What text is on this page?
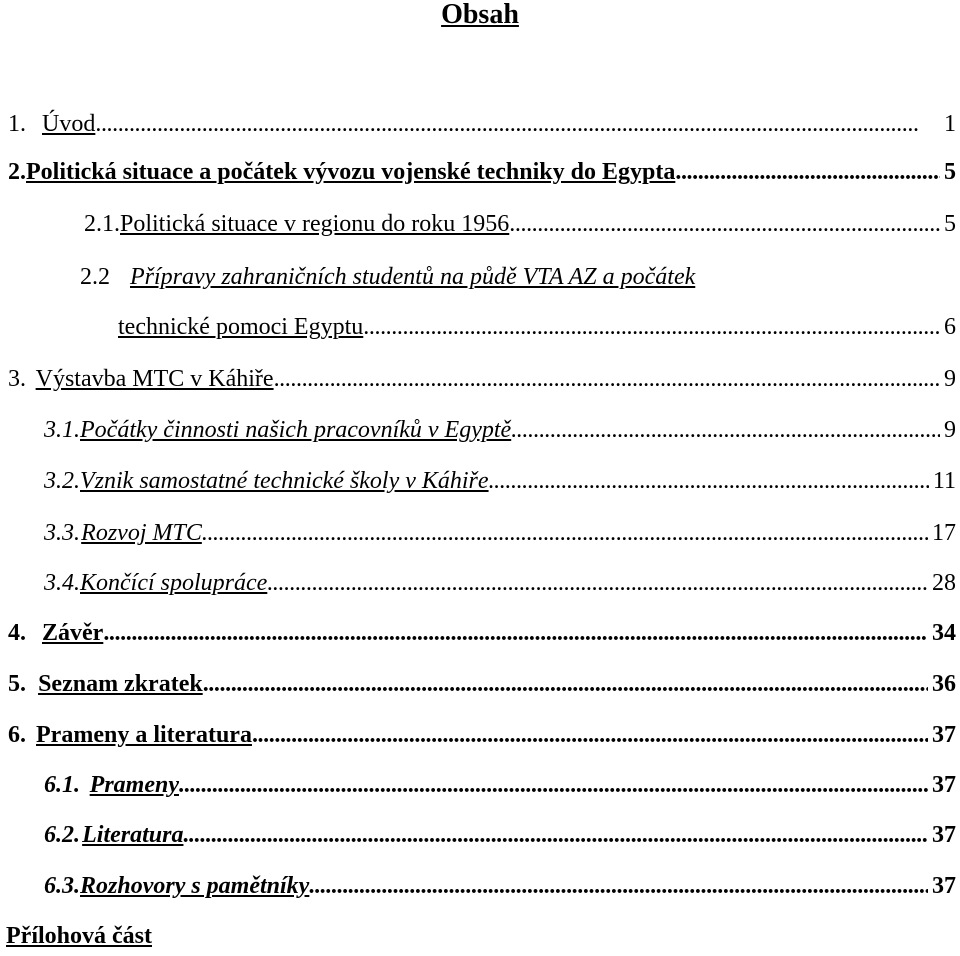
Obsah
1. Úvod . . .	1
2. Politická situace a počátek vývozu vojenské techniky do Egypta . . .	5
2.1. Politická situace v regionu do roku 1956 . . .	5
2.2 Přípravy zahraničních studentů na půdě VTA AZ a počátek
technické pomoci Egyptu . . .	6
3. Výstavba MTC v Káhiře . . .	9
3.1. Počátky činnosti našich pracovníků v Egyptě . . .	9
3.2. Vznik samostatné technické školy v Káhiře . . .	11
3.3. Rozvoj MTC . . .	17
3.4. Končící spolupráce . . .	28
4. Závěr . . .	34
5. Seznam zkratek . . .	36
6. Prameny a literatura . . .	37
6.1. Prameny . . .	37
6.2. Literatura . . .	37
6.3. Rozhovory s pamětníky . . .	37
Přílohová část
